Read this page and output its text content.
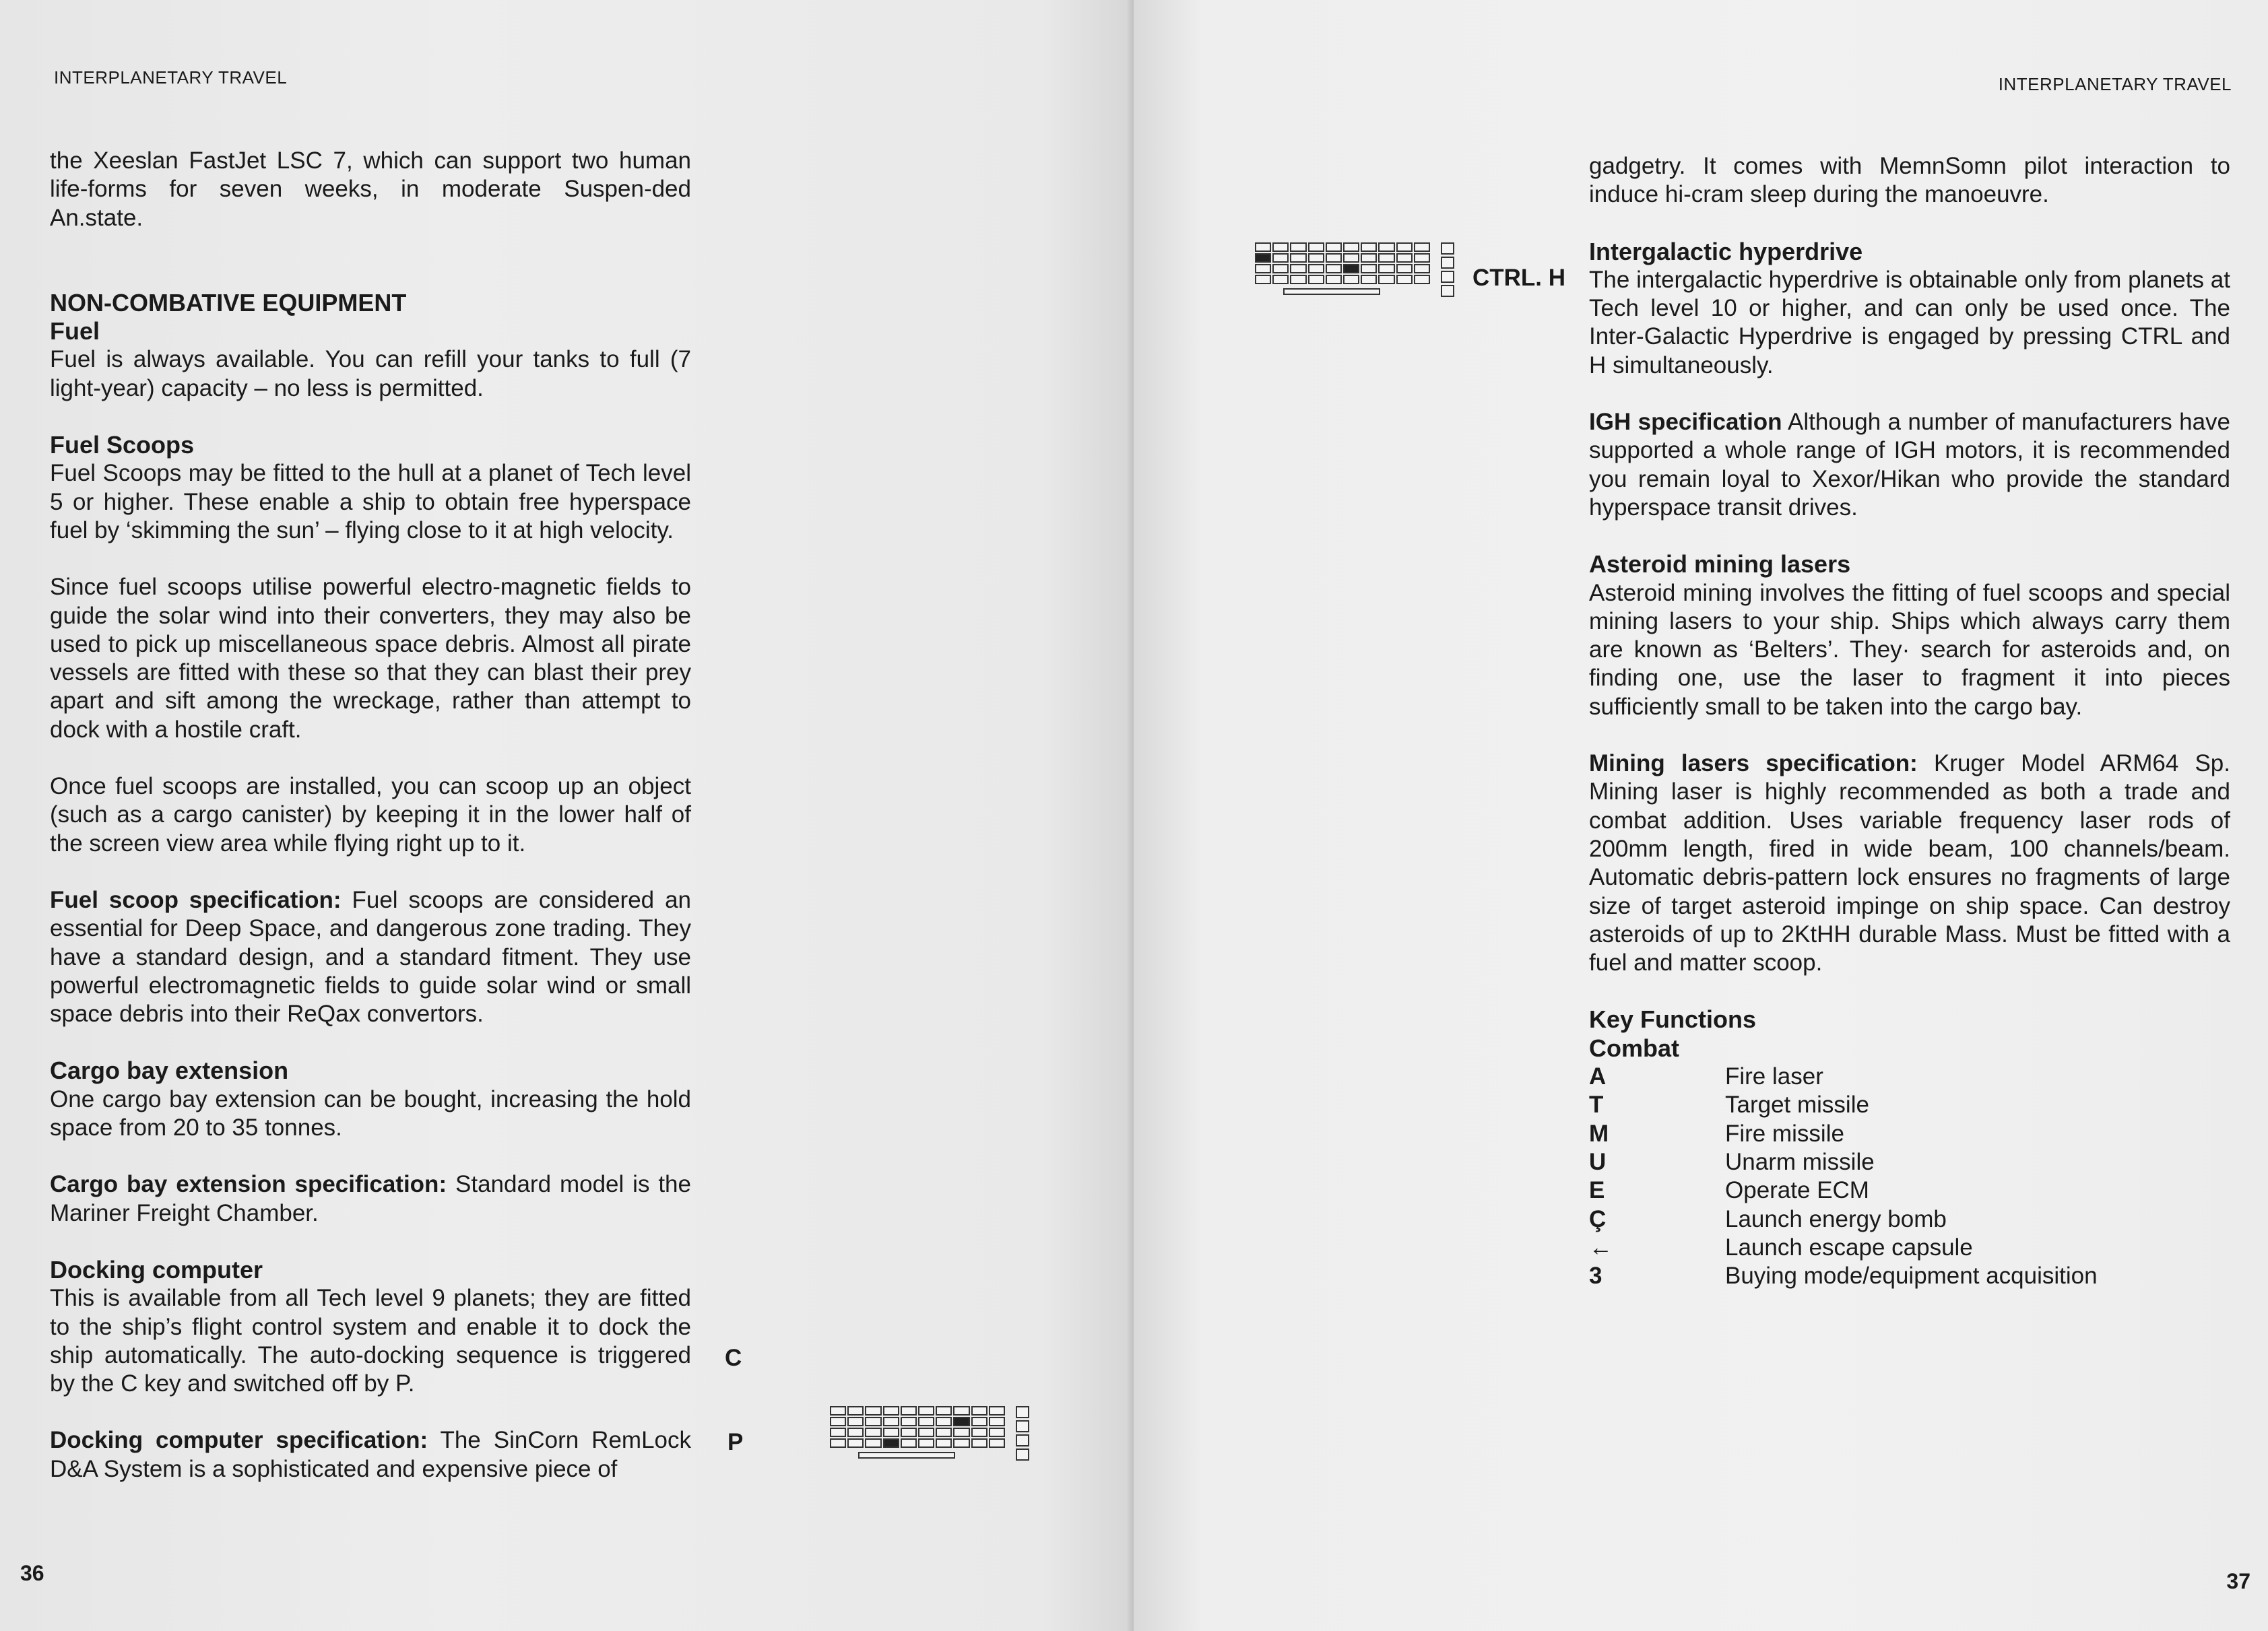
INTERPLANETARY TRAVEL

the Xeeslan FastJet LSC 7, which can support two human life-forms for seven weeks, in moderate Suspen-ded An.state.

NON-COMBATIVE EQUIPMENT
Fuel

Fuel is always available. You can refill your tanks to full (7 light-year) capacity – no less is permitted.

Fuel Scoops

Fuel Scoops may be fitted to the hull at a planet of Tech level 5 or higher. These enable a ship to obtain free hyperspace fuel by ‘skimming the sun’ – flying close to it at high velocity.

Since fuel scoops utilise powerful electro-magnetic fields to guide the solar wind into their converters, they may also be used to pick up miscellaneous space debris. Almost all pirate vessels are fitted with these so that they can blast their prey apart and sift among the wreckage, rather than attempt to dock with a hostile craft.

Once fuel scoops are installed, you can scoop up an object (such as a cargo canister) by keeping it in the lower half of the screen view area while flying right up to it.

Fuel scoop specification: Fuel scoops are considered an essential for Deep Space, and dangerous zone trading. They have a standard design, and a standard fitment. They use powerful electromagnetic fields to guide solar wind or small space debris into their ReQax convertors.

Cargo bay extension

One cargo bay extension can be bought, increasing the hold space from 20 to 35 tonnes.

Cargo bay extension specification: Standard model is the Mariner Freight Chamber.

Docking computer

This is available from all Tech level 9 planets; they are fitted to the ship’s flight control system and enable it to dock the ship automatically. The auto-docking sequence is triggered by the C key and switched off by P.

Docking computer specification: The SinCorn RemLock D&A System is a sophisticated and expensive piece of

C
P
36
INTERPLANETARY TRAVEL
CTRL. H

gadgetry. It comes with MemnSomn pilot interaction to induce hi-cram sleep during the manoeuvre.

Intergalactic hyperdrive

The intergalactic hyperdrive is obtainable only from planets at Tech level 10 or higher, and can only be used once. The Inter-Galactic Hyperdrive is engaged by pressing CTRL and H simultaneously.

IGH specification Although a number of manufacturers have supported a whole range of IGH motors, it is recommended you remain loyal to Xexor/Hikan who provide the standard hyperspace transit drives.

Asteroid mining lasers

Asteroid mining involves the fitting of fuel scoops and special mining lasers to your ship. Ships which always carry them are known as ‘Belters’. They· search for asteroids and, on finding one, use the laser to fragment it into pieces sufficiently small to be taken into the cargo bay.

Mining lasers specification: Kruger Model ARM64 Sp. Mining laser is highly recommended as both a trade and combat addition. Uses variable frequency laser rods of 200mm length, fired in wide beam, 100 channels/beam. Automatic debris-pattern lock ensures no fragments of large size of target asteroid impinge on ship space. Can destroy asteroids of up to 2KtHH durable Mass. Must be fitted with a fuel and matter scoop.

Key Functions
Combat
A	Fire laser
T	Target missile
M	Fire missile
U	Unarm missile
E	Operate ECM
Ç	Launch energy bomb
←	Launch escape capsule
3	Buying mode/equipment acquisition
37
